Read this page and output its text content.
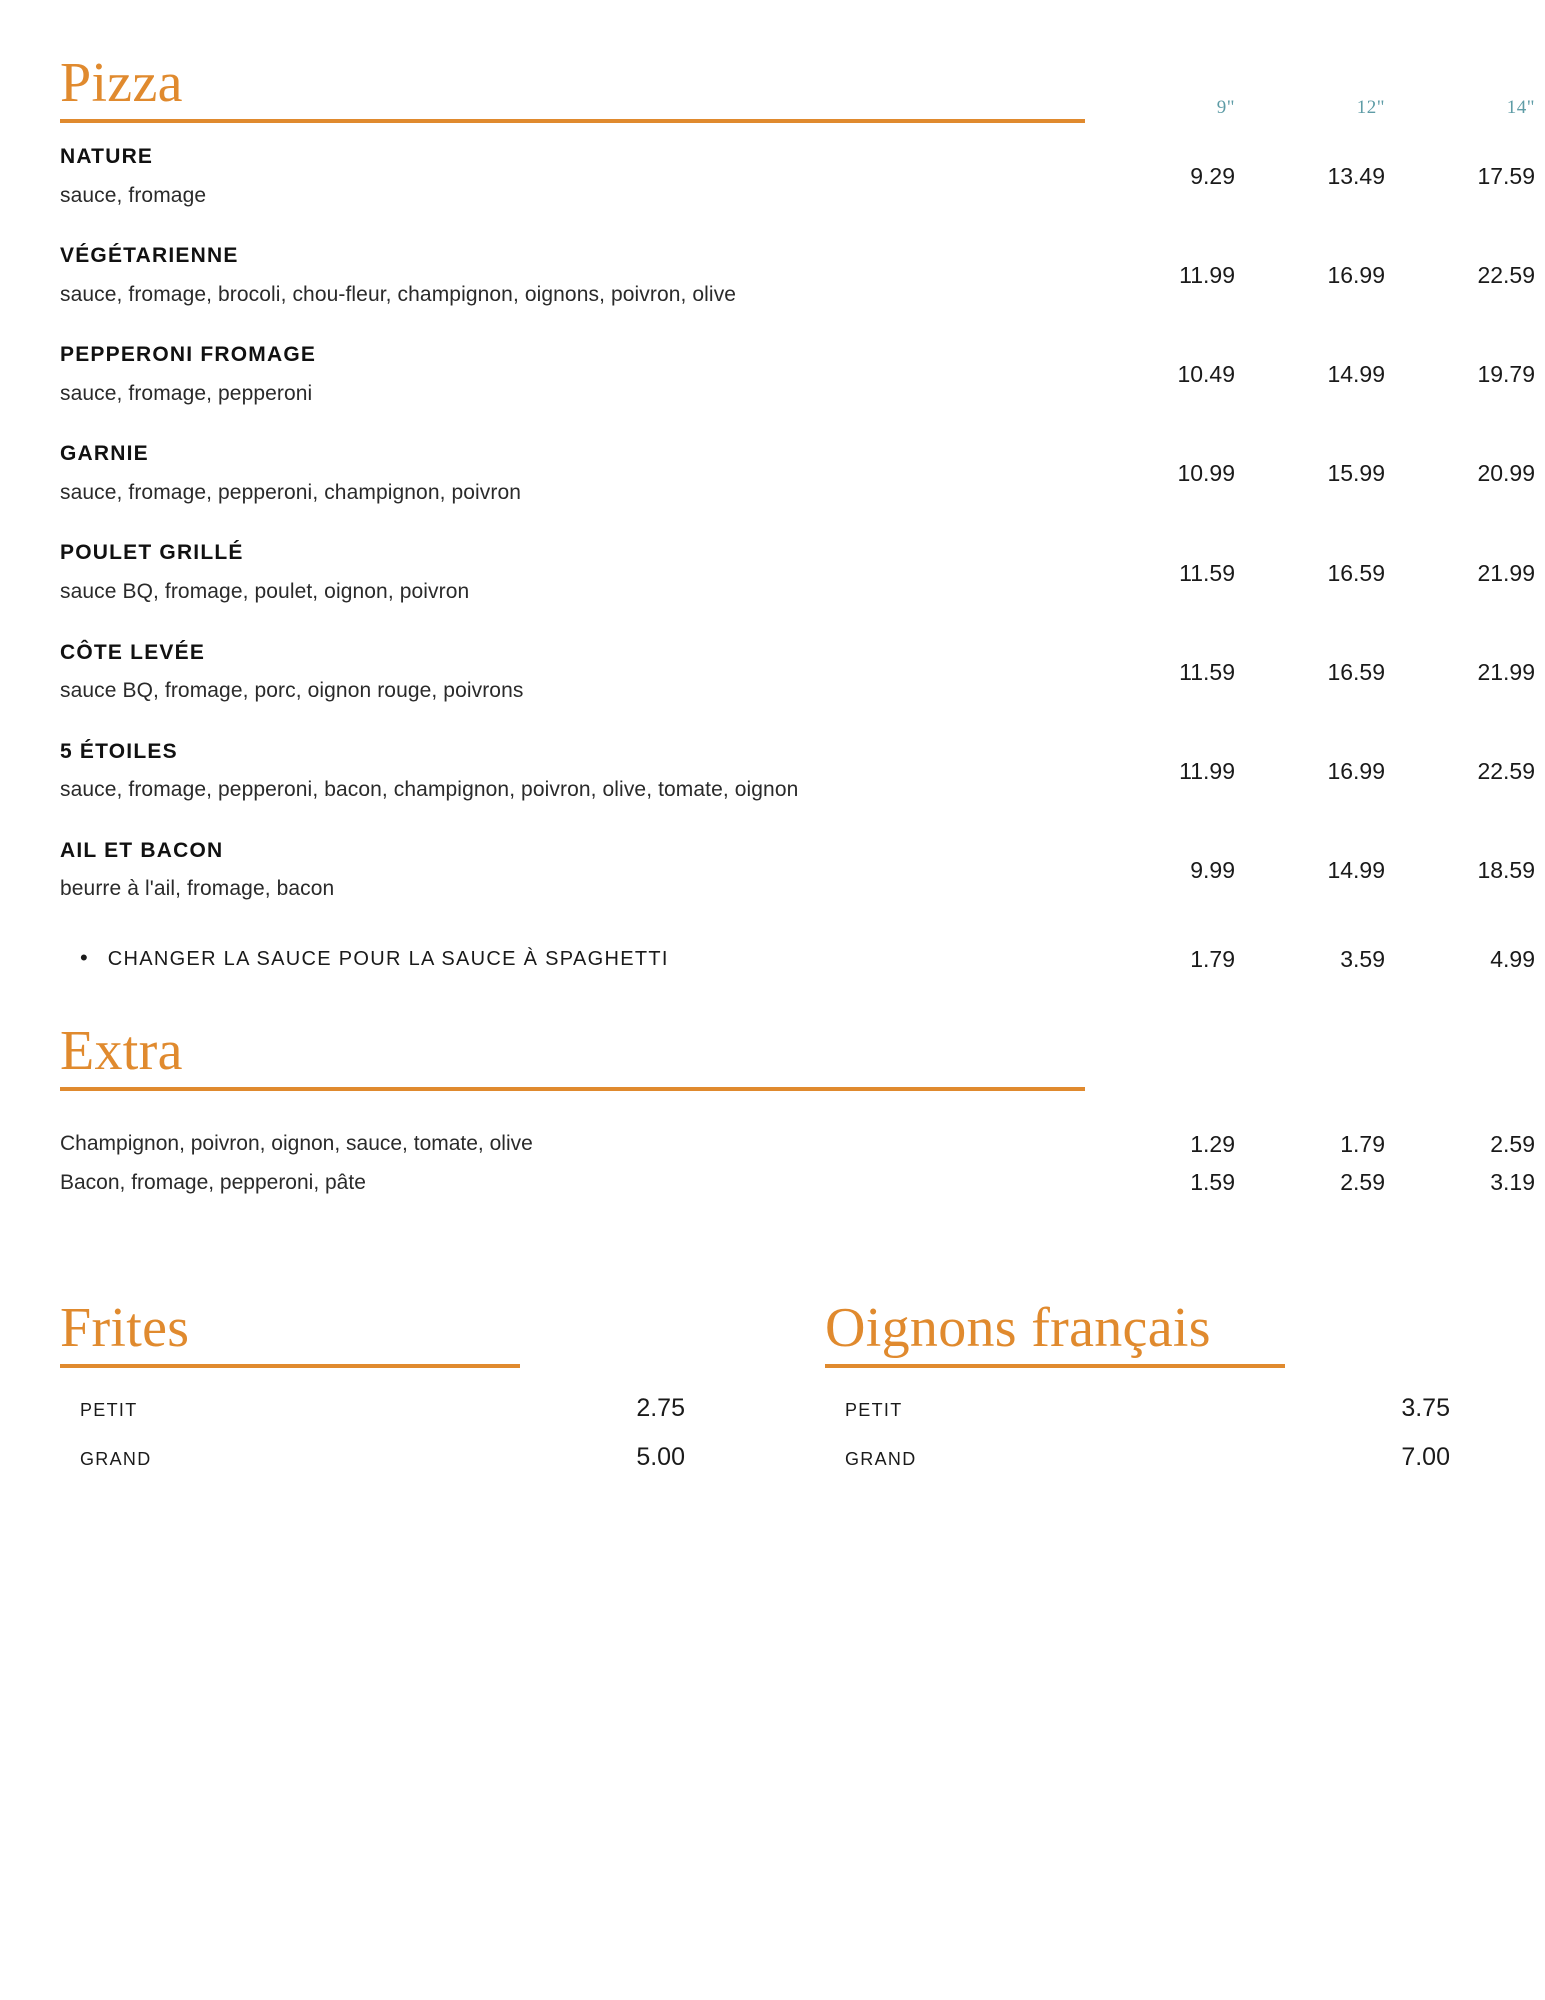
Pizza	9"	12"	14"
NATURE
sauce, fromage
9.29	13.49	17.59
VÉGÉTARIENNE
sauce, fromage, brocoli, chou-fleur, champignon, oignons, poivron, olive
11.99	16.99	22.59
PEPPERONI FROMAGE
sauce, fromage, pepperoni
10.49	14.99	19.79
GARNIE
sauce, fromage, pepperoni, champignon, poivron
10.99	15.99	20.99
POULET GRILLÉ
sauce BQ, fromage, poulet, oignon, poivron
11.59	16.59	21.99
CÔTE LEVÉE
sauce BQ, fromage, porc, oignon rouge, poivrons
11.59	16.59	21.99
5 ÉTOILES
sauce, fromage, pepperoni, bacon, champignon, poivron, olive, tomate, oignon
11.99	16.99	22.59
AIL ET BACON
beurre à l'ail, fromage, bacon
9.99	14.99	18.59
• CHANGER LA SAUCE POUR LA SAUCE À SPAGHETTI	1.79	3.59	4.99
Extra
Champignon, poivron, oignon, sauce, tomate, olive	1.29	1.79	2.59
Bacon, fromage, pepperoni, pâte	1.59	2.59	3.19
Frites
PETIT	2.75
GRAND	5.00
Oignons français
PETIT	3.75
GRAND	7.00
